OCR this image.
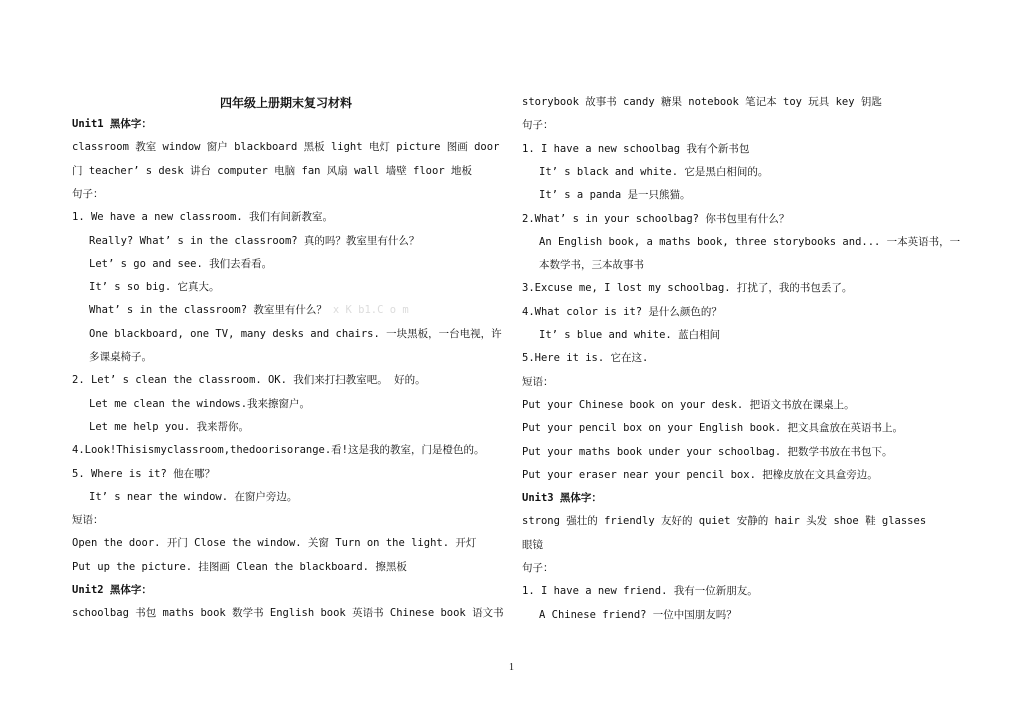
四年级上册期末复习材料
Unit1 黑体字：
classroom 教室 window 窗户 blackboard 黑板 light 电灯 picture 图画 door
门 teacher’ s desk 讲台 computer 电脑 fan 风扇 wall 墙壁 floor 地板
句子：
1. We have a new classroom. 我们有间新教室。
Really? What’ s in the classroom? 真的吗？教室里有什么？
Let’ s go and see. 我们去看看。
It’ s so big. 它真大。
What’ s in the classroom? 教室里有什么？ x K b1.C o m
One blackboard, one TV, many desks and chairs. 一块黑板，一台电视，许
多课桌椅子。
2. Let’ s clean the classroom. OK. 我们来打扫教室吧。 好的。
Let me clean the windows.我来擦窗户。
Let me help you. 我来帮你。
4.Look!Thisismyclassroom,thedoorisorange.看!这是我的教室，门是橙色的。
5. Where is it? 他在哪？
It’ s near the window. 在窗户旁边。
短语：
Open the door. 开门 Close the window. 关窗 Turn on the light. 开灯
Put up the picture. 挂图画 Clean the blackboard. 擦黑板
Unit2 黑体字：
schoolbag 书包 maths book 数学书 English book 英语书 Chinese book 语文书
storybook 故事书 candy 糖果 notebook 笔记本 toy 玩具 key 钥匙
句子：
1. I have a new schoolbag 我有个新书包
It’ s black and white. 它是黑白相间的。
It’ s a panda 是一只熊猫。
2.What’ s in your schoolbag? 你书包里有什么？
An English book, a maths book, three storybooks and... 一本英语书，一
本数学书，三本故事书
3.Excuse me, I lost my schoolbag. 打扰了，我的书包丢了。
4.What color is it? 是什么颜色的？
It’ s blue and white. 蓝白相间
5.Here it is. 它在这.
短语：
Put your Chinese book on your desk. 把语文书放在课桌上。
Put your pencil box on your English book. 把文具盒放在英语书上。
Put your maths book under your schoolbag. 把数学书放在书包下。
Put your eraser near your pencil box. 把橡皮放在文具盒旁边。
Unit3 黑体字：
strong 强壮的 friendly 友好的 quiet 安静的 hair 头发 shoe 鞋 glasses
眼镜
句子：
1. I have a new friend. 我有一位新朋友。
A Chinese friend? 一位中国朋友吗？
1
